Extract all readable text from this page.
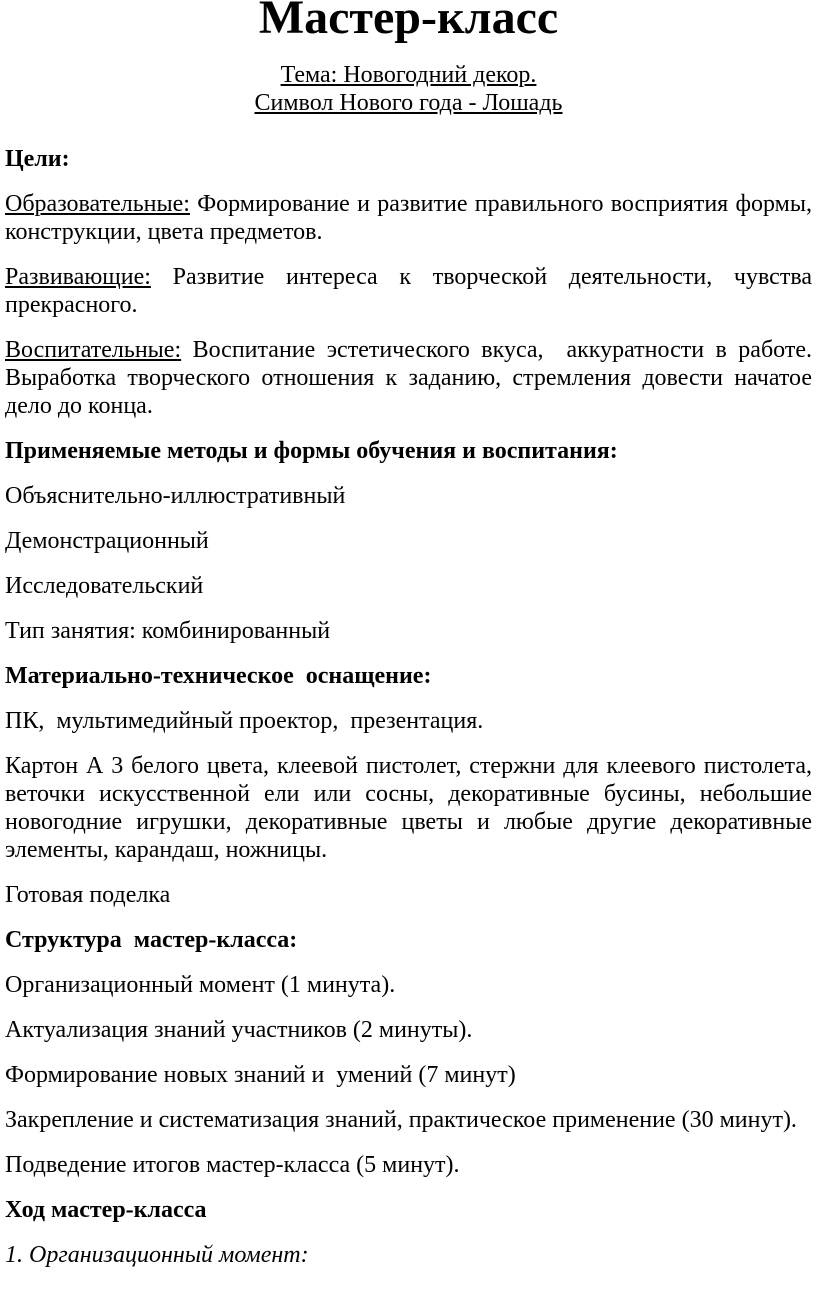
Мастер-класс
Тема: Новогодний декор.
Символ Нового года - Лошадь

Цели:

Образовательные: Формирование и развитие правильного восприятия формы, конструкции, цвета предметов.

Развивающие: Развитие интереса к творческой деятельности, чувства прекрасного.

Воспитательные: Воспитание эстетического вкуса,  аккуратности в работе. Выработка творческого отношения к заданию, стремления довести начатое дело до конца.

Применяемые методы и формы обучения и воспитания:

Объяснительно-иллюстративный

Демонстрационный

Исследовательский

Тип занятия: комбинированный

Материально-техническое  оснащение:

ПК,  мультимедийный проектор,  презентация.

Картон А 3 белого цвета, клеевой пистолет, стержни для клеевого пистолета, веточки искусственной ели или сосны, декоративные бусины, небольшие новогодние игрушки, декоративные цветы и любые другие декоративные элементы, карандаш, ножницы.

Готовая поделка

Структура  мастер-класса:

Организационный момент (1 минута).

Актуализация знаний участников (2 минуты).

Формирование новых знаний и  умений (7 минут)

Закрепление и систематизация знаний, практическое применение (30 минут).

Подведение итогов мастер-класса (5 минут).

Ход мастер-класса

1. Организационный момент:
